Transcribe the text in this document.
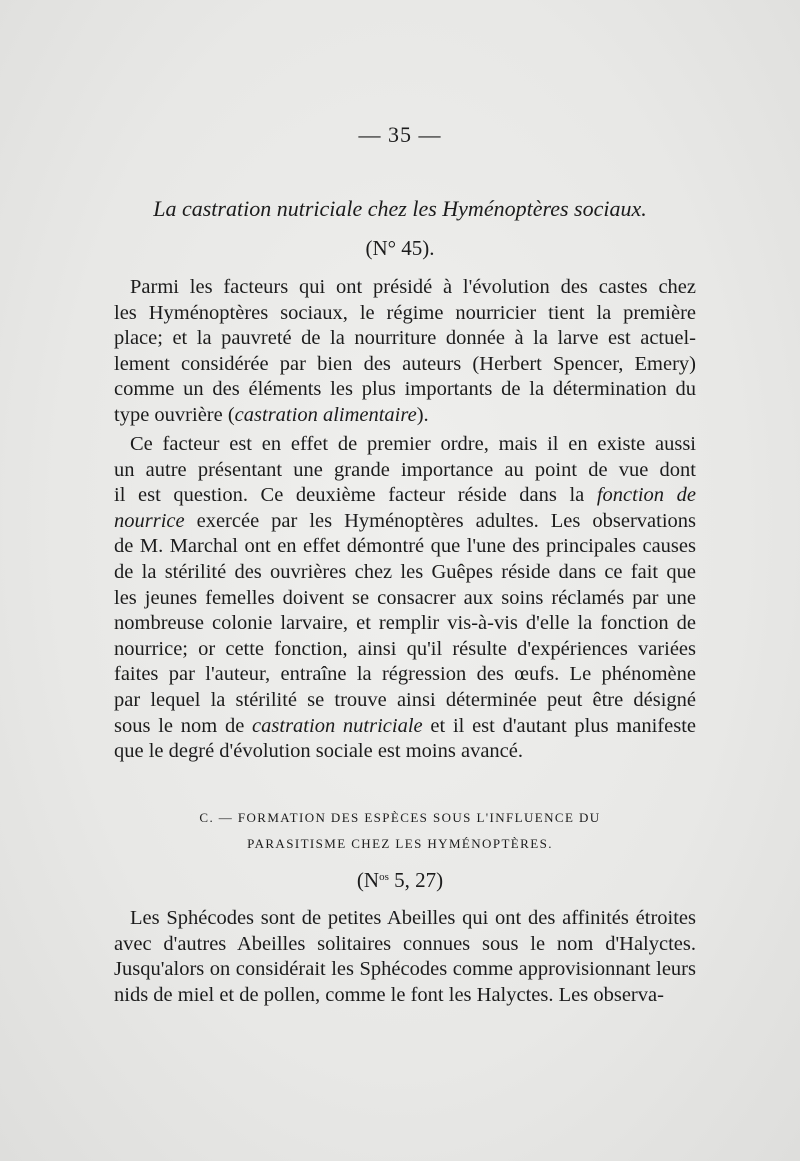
— 35 —
La castration nutriciale chez les Hyménoptères sociaux.
(N° 45).
Parmi les facteurs qui ont présidé à l'évolution des castes chez
les Hyménoptères sociaux, le régime nourricier tient la première
place; et la pauvreté de la nourriture donnée à la larve est actuel-
lement considérée par bien des auteurs (Herbert Spencer, Emery)
comme un des éléments les plus importants de la détermination du
type ouvrière (castration alimentaire).
Ce facteur est en effet de premier ordre, mais il en existe aussi
un autre présentant une grande importance au point de vue dont
il est question. Ce deuxième facteur réside dans la fonction de
nourrice exercée par les Hyménoptères adultes. Les observations
de M. Marchal ont en effet démontré que l'une des principales causes
de la stérilité des ouvrières chez les Guêpes réside dans ce fait que
les jeunes femelles doivent se consacrer aux soins réclamés par une
nombreuse colonie larvaire, et remplir vis-à-vis d'elle la fonction de
nourrice; or cette fonction, ainsi qu'il résulte d'expériences variées
faites par l'auteur, entraîne la régression des œufs. Le phénomène
par lequel la stérilité se trouve ainsi déterminée peut être désigné
sous le nom de castration nutriciale et il est d'autant plus manifeste
que le degré d'évolution sociale est moins avancé.
C. — FORMATION DES ESPÈCES SOUS L'INFLUENCE DU
PARASITISME CHEZ LES HYMÉNOPTÈRES.
($N^{os}$ 5, 27)
Les Sphécodes sont de petites Abeilles qui ont des affinités étroites
avec d'autres Abeilles solitaires connues sous le nom d'Halyctes.
Jusqu'alors on considérait les Sphécodes comme approvisionnant leurs
nids de miel et de pollen, comme le font les Halyctes. Les observa-
